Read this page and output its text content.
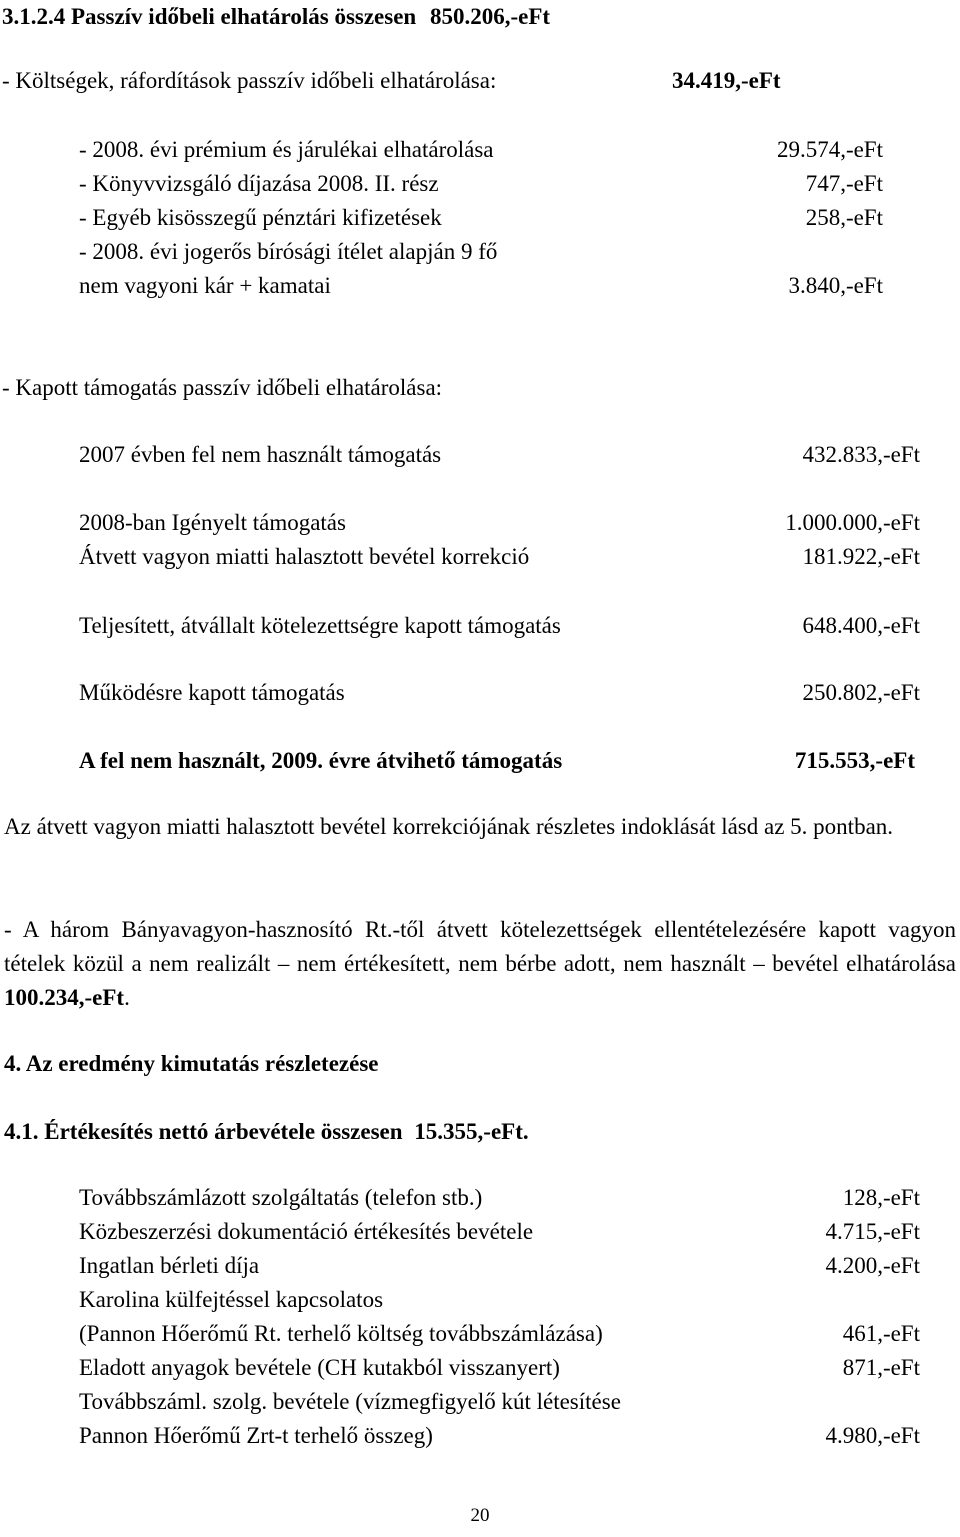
3.1.2.4 Passzív időbeli elhatárolás összesen 850.206,-eFt
- Költségek, ráfordítások passzív időbeli elhatárolása:	34.419,-eFt
- 2008. évi prémium és járulékai elhatárolása	29.574,-eFt
- Könyvvizsgáló díjazása 2008. II. rész	747,-eFt
- Egyéb kisösszegű pénztári kifizetések	258,-eFt
- 2008. évi jogerős bírósági ítélet alapján 9 fő
nem vagyoni kár + kamatai	3.840,-eFt
- Kapott támogatás passzív időbeli elhatárolása:
2007 évben fel nem használt támogatás	432.833,-eFt
2008-ban Igényelt támogatás	1.000.000,-eFt
Átvett vagyon miatti halasztott bevétel korrekció	181.922,-eFt
Teljesített, átvállalt kötelezettségre kapott támogatás	648.400,-eFt
Működésre kapott támogatás	250.802,-eFt
A fel nem használt, 2009. évre átvihető támogatás	715.553,-eFt
Az átvett vagyon miatti halasztott bevétel korrekciójának részletes indoklását lásd az 5. pontban.
- A három Bányavagyon-hasznosító Rt.-től átvett kötelezettségek ellentételezésére kapott vagyon tételek közül a nem realizált – nem értékesített, nem bérbe adott, nem használt – bevétel elhatárolása 100.234,-eFt.
4. Az eredmény kimutatás részletezése
4.1. Értékesítés nettó árbevétele összesen 15.355,-eFt.
Továbbszámlázott szolgáltatás (telefon stb.)	128,-eFt
Közbeszerzési dokumentáció értékesítés bevétele	4.715,-eFt
Ingatlan bérleti díja	4.200,-eFt
Karolina külfejtéssel kapcsolatos
(Pannon Hőerőmű Rt. terhelő költség továbbszámlázása)	461,-eFt
Eladott anyagok bevétele (CH kutakból visszanyert)	871,-eFt
Továbbszáml. szolg. bevétele (vízmegfigyelő kút létesítése
Pannon Hőerőmű Zrt-t terhelő összeg)	4.980,-eFt
20
